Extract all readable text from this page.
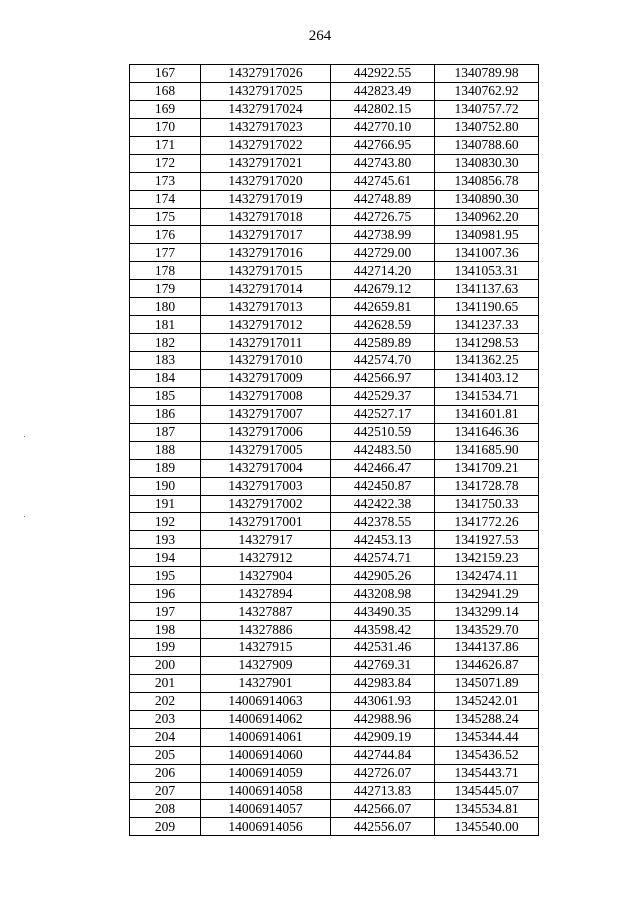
264
167	14327917026	442922.55	1340789.98
168	14327917025	442823.49	1340762.92
169	14327917024	442802.15	1340757.72
170	14327917023	442770.10	1340752.80
171	14327917022	442766.95	1340788.60
172	14327917021	442743.80	1340830.30
173	14327917020	442745.61	1340856.78
174	14327917019	442748.89	1340890.30
175	14327917018	442726.75	1340962.20
176	14327917017	442738.99	1340981.95
177	14327917016	442729.00	1341007.36
178	14327917015	442714.20	1341053.31
179	14327917014	442679.12	1341137.63
180	14327917013	442659.81	1341190.65
181	14327917012	442628.59	1341237.33
182	14327917011	442589.89	1341298.53
183	14327917010	442574.70	1341362.25
184	14327917009	442566.97	1341403.12
185	14327917008	442529.37	1341534.71
186	14327917007	442527.17	1341601.81
187	14327917006	442510.59	1341646.36
188	14327917005	442483.50	1341685.90
189	14327917004	442466.47	1341709.21
190	14327917003	442450.87	1341728.78
191	14327917002	442422.38	1341750.33
192	14327917001	442378.55	1341772.26
193	14327917	442453.13	1341927.53
194	14327912	442574.71	1342159.23
195	14327904	442905.26	1342474.11
196	14327894	443208.98	1342941.29
197	14327887	443490.35	1343299.14
198	14327886	443598.42	1343529.70
199	14327915	442531.46	1344137.86
200	14327909	442769.31	1344626.87
201	14327901	442983.84	1345071.89
202	14006914063	443061.93	1345242.01
203	14006914062	442988.96	1345288.24
204	14006914061	442909.19	1345344.44
205	14006914060	442744.84	1345436.52
206	14006914059	442726.07	1345443.71
207	14006914058	442713.83	1345445.07
208	14006914057	442566.07	1345534.81
209	14006914056	442556.07	1345540.00
